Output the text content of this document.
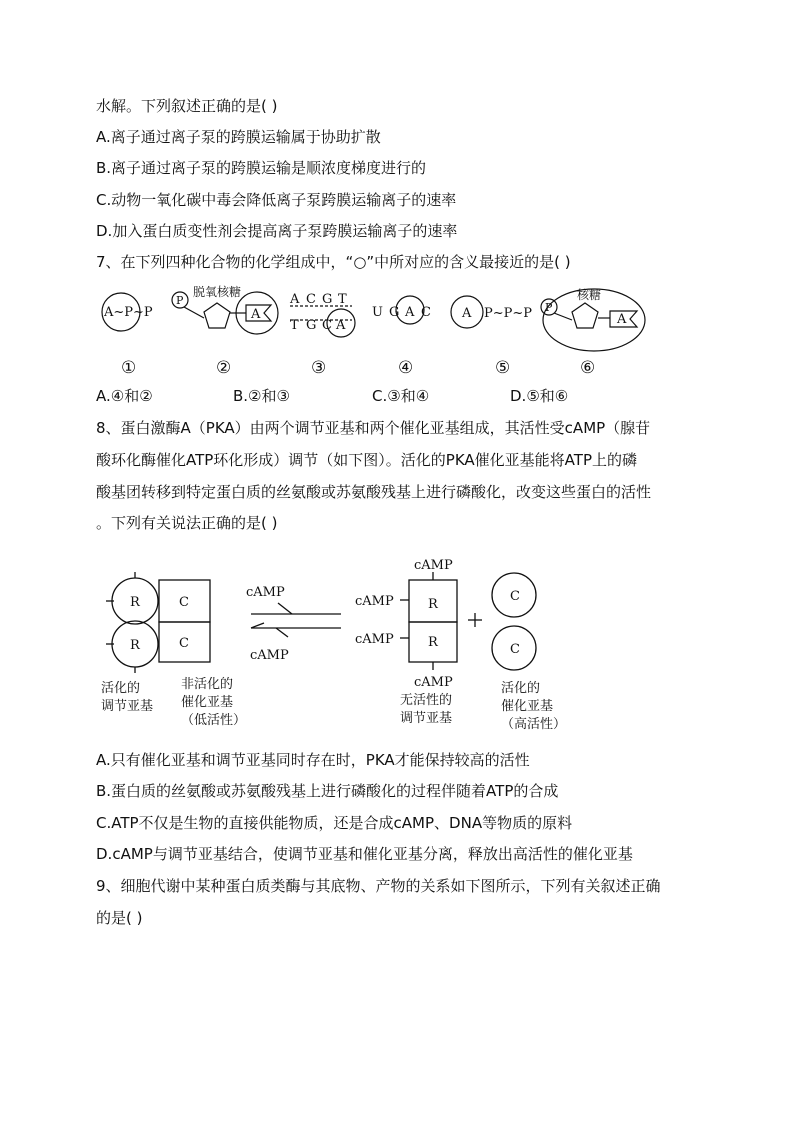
水解。下列叙述正确的是( )
A.离子通过离子泵的跨膜运输属于协助扩散
B.离子通过离子泵的跨膜运输是顺浓度梯度进行的
C.动物一氧化碳中毒会降低离子泵跨膜运输离子的速率
D.加入蛋白质变性剂会提高离子泵跨膜运输离子的速率
7、在下列四种化合物的化学组成中，“○”中所对应的含义最接近的是( )
A~P~P
P
脱氧核糖
A
A C G T
T G C A
U G A C A P~P~P P
核糖
A
①	②	③	④	⑤	⑥
A.④和②	B.②和③	C.③和④	D.⑤和⑥
8、蛋白激酶A（PKA）由两个调节亚基和两个催化亚基组成，其活性受cAMP（腺苷
酸环化酶催化ATP环化形成）调节（如下图）。活化的PKA催化亚基能将ATP上的磷
酸基团转移到特定蛋白质的丝氨酸或苏氨酸残基上进行磷酸化，改变这些蛋白的活性
。下列有关说法正确的是( )
R
R
C
C
cAMP
cAMP
cAMP
cAMP
cAMP
cAMP
R
R
C
C
活化的
调节亚基
非活化的
催化亚基
（低活性）
无活性的
调节亚基
活化的
催化亚基
（高活性）
+
A.只有催化亚基和调节亚基同时存在时，PKA才能保持较高的活性
B.蛋白质的丝氨酸或苏氨酸残基上进行磷酸化的过程伴随着ATP的合成
C.ATP不仅是生物的直接供能物质，还是合成cAMP、DNA等物质的原料
D.cAMP与调节亚基结合，使调节亚基和催化亚基分离，释放出高活性的催化亚基
9、细胞代谢中某种蛋白质类酶与其底物、产物的关系如下图所示，下列有关叙述正确
的是( )
